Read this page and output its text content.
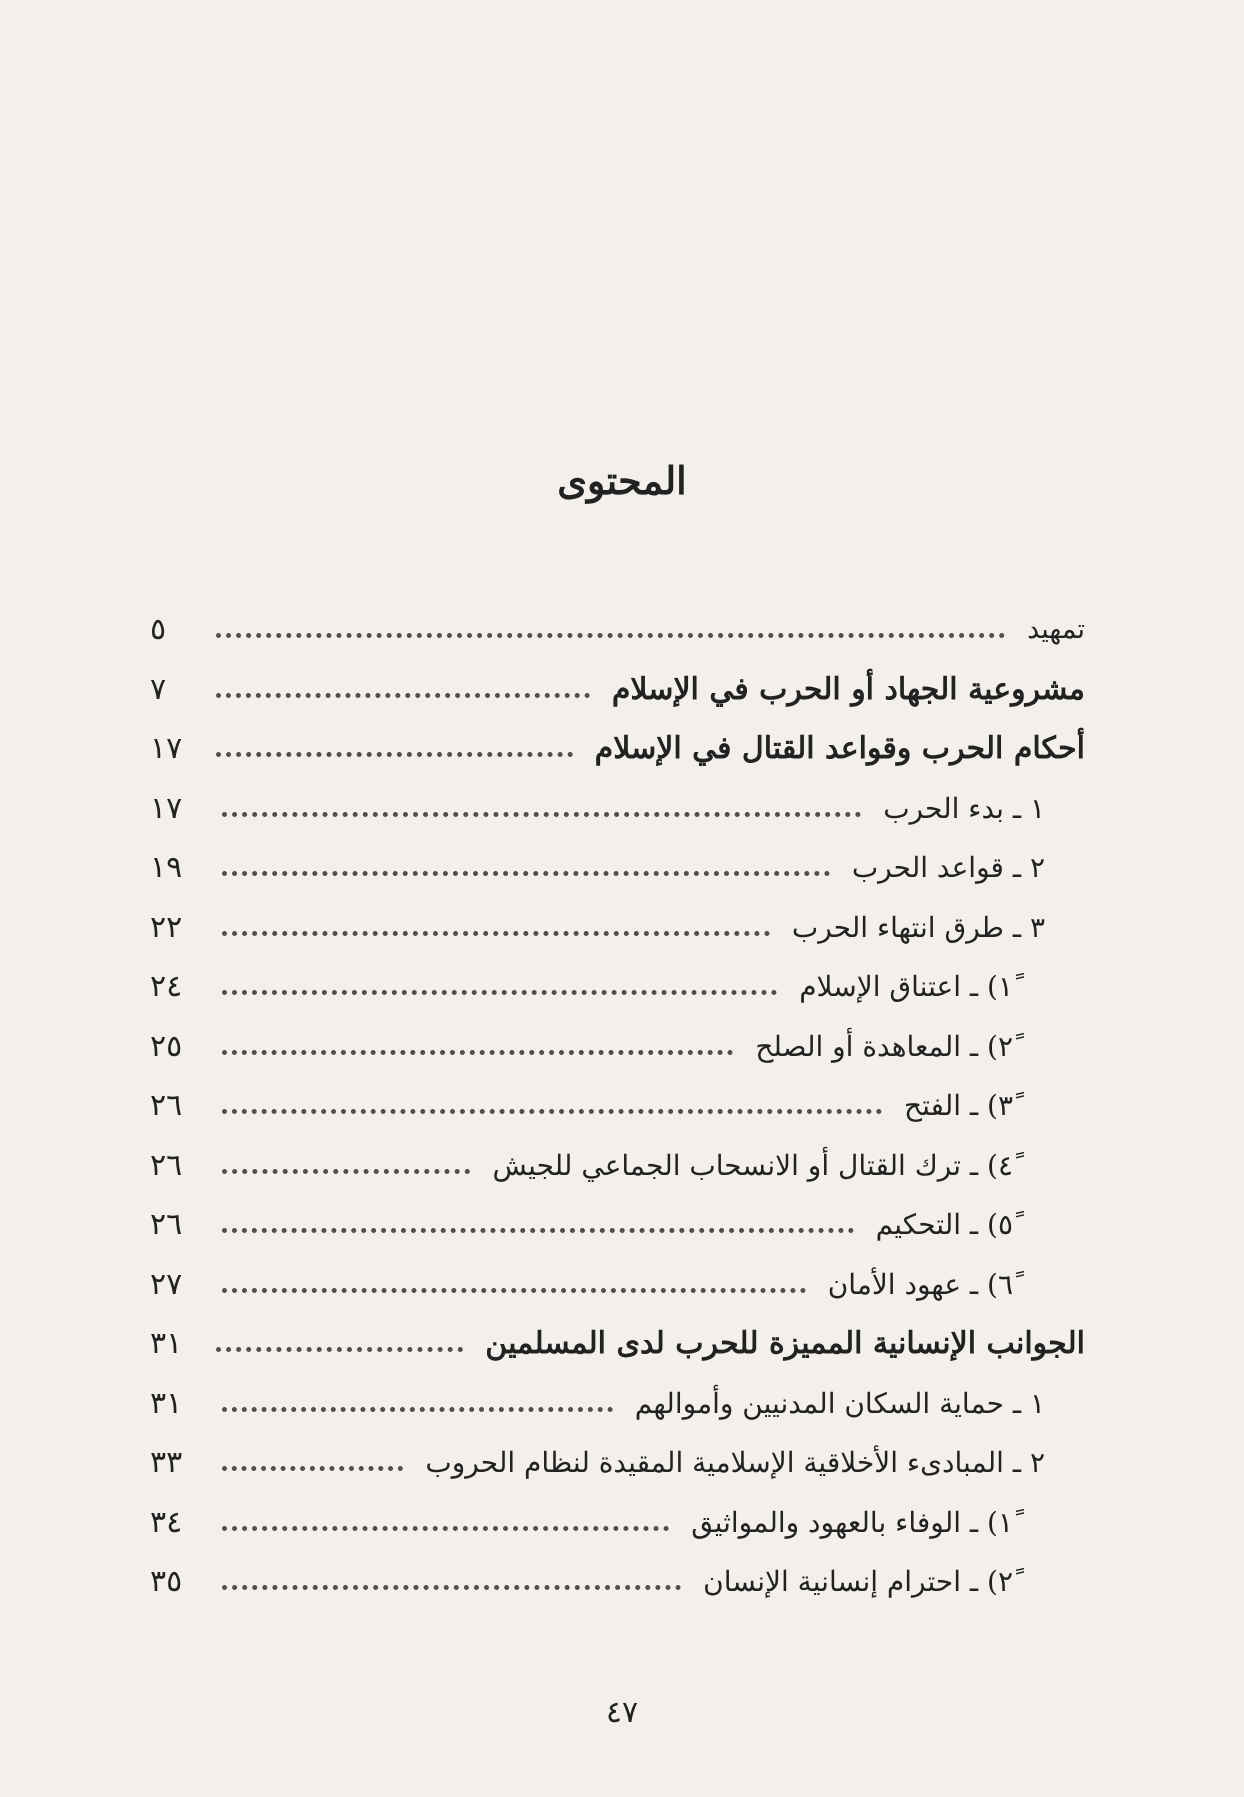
المحتوى
تمهيد
٥
مشروعية الجهاد أو الحرب في الإسلام
٧
أحكام الحرب وقواعد القتال في الإسلام
١٧
١ ـ بدء الحرب
١٧
٢ ـ قواعد الحرب
١٩
٣ ـ طرق انتهاء الحرب
٢٢
١ً) ـ اعتناق الإسلام
٢٤
٢ً) ـ المعاهدة أو الصلح
٢٥
٣ً) ـ الفتح
٢٦
٤ً) ـ ترك القتال أو الانسحاب الجماعي للجيش
٢٦
٥ً) ـ التحكيم
٢٦
٦ً) ـ عهود الأمان
٢٧
الجوانب الإنسانية المميزة للحرب لدى المسلمين
٣١
١ ـ حماية السكان المدنيين وأموالهم
٣١
٢ ـ المبادىء الأخلاقية الإسلامية المقيدة لنظام الحروب
٣٣
١ً) ـ الوفاء بالعهود والمواثيق
٣٤
٢ً) ـ احترام إنسانية الإنسان
٣٥
٤٧
